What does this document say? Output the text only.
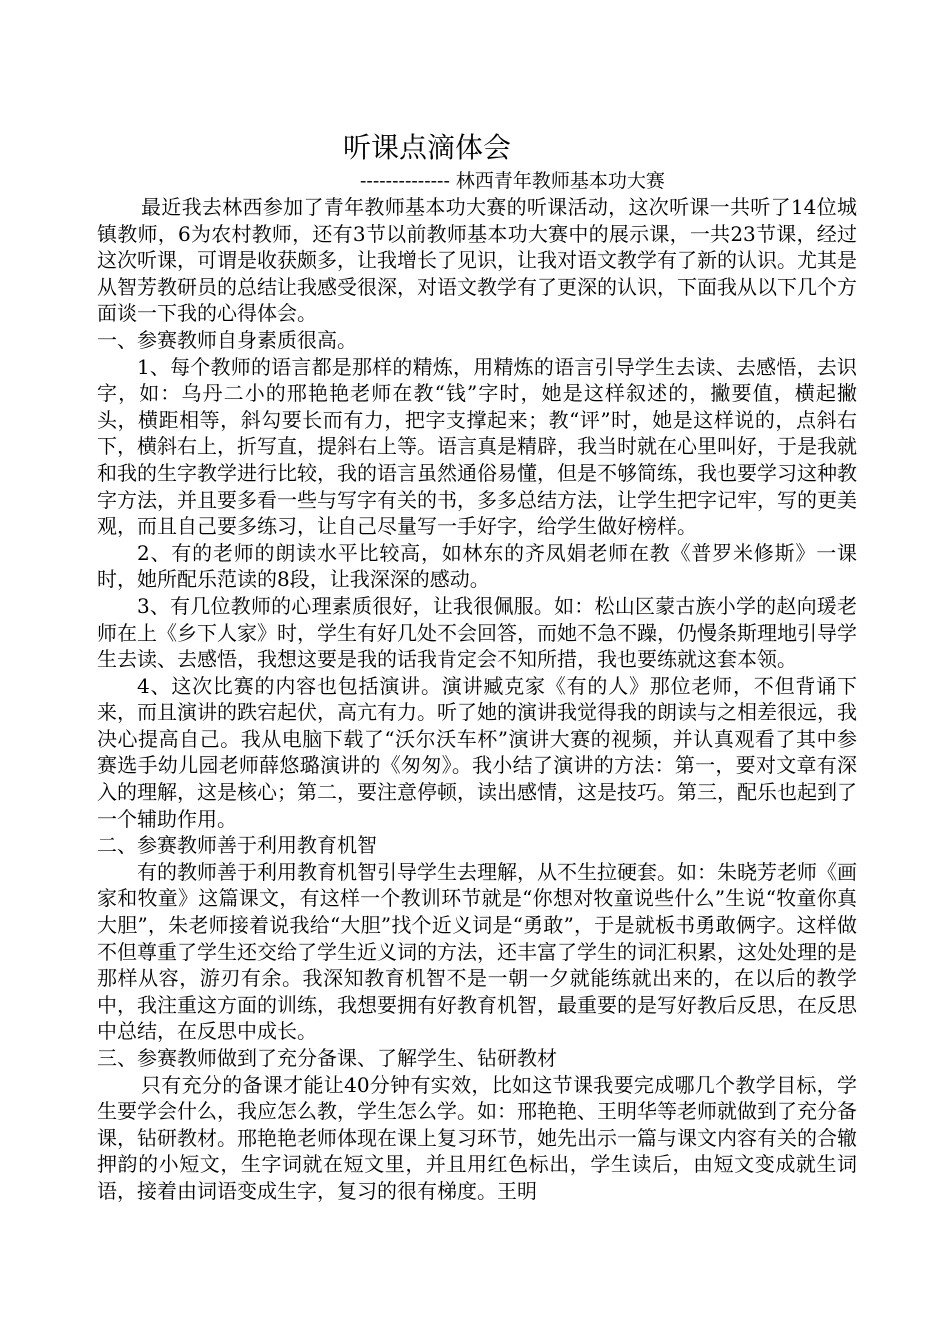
听课点滴体会
-------------- 林西青年教师基本功大赛

最近我去林西参加了青年教师基本功大赛的听课活动，这次听课一共听了14位城镇教师，6为农村教师，还有3节以前教师基本功大赛中的展示课，一共23节课，经过这次听课，可谓是收获颇多，让我增长了见识，让我对语文教学有了新的认识。尤其是从智芳教研员的总结让我感受很深，对语文教学有了更深的认识，下面我从以下几个方面谈一下我的心得体会。

一、参赛教师自身素质很高。

1、每个教师的语言都是那样的精炼，用精炼的语言引导学生去读、去感悟，去识字，如：乌丹二小的邢艳艳老师在教“钱”字时，她是这样叙述的，撇要值，横起撇头，横距相等，斜勾要长而有力，把字支撑起来；教“评”时，她是这样说的，点斜右下，横斜右上，折写直，提斜右上等。语言真是精辟，我当时就在心里叫好，于是我就和我的生字教学进行比较，我的语言虽然通俗易懂，但是不够简练，我也要学习这种教字方法，并且要多看一些与写字有关的书，多多总结方法，让学生把字记牢，写的更美观，而且自己要多练习，让自己尽量写一手好字，给学生做好榜样。

2、有的老师的朗读水平比较高，如林东的齐凤娟老师在教《普罗米修斯》一课时，她所配乐范读的8段，让我深深的感动。

3、有几位教师的心理素质很好，让我很佩服。如：松山区蒙古族小学的赵向瑗老师在上《乡下人家》时，学生有好几处不会回答，而她不急不躁，仍慢条斯理地引导学生去读、去感悟，我想这要是我的话我肯定会不知所措，我也要练就这套本领。

4、这次比赛的内容也包括演讲。演讲臧克家《有的人》那位老师，不但背诵下来，而且演讲的跌宕起伏，高亢有力。听了她的演讲我觉得我的朗读与之相差很远，我决心提高自己。我从电脑下载了“沃尔沃车杯”演讲大赛的视频，并认真观看了其中参赛选手幼儿园老师薛悠璐演讲的《匆匆》。我小结了演讲的方法：第一，要对文章有深入的理解，这是核心；第二，要注意停顿，读出感情，这是技巧。第三，配乐也起到了一个辅助作用。

二、参赛教师善于利用教育机智

有的教师善于利用教育机智引导学生去理解，从不生拉硬套。如：朱晓芳老师《画家和牧童》这篇课文，有这样一个教训环节就是“你想对牧童说些什么”生说“牧童你真大胆”，朱老师接着说我给“大胆”找个近义词是“勇敢”，于是就板书勇敢俩字。这样做不但尊重了学生还交给了学生近义词的方法，还丰富了学生的词汇积累，这处处理的是那样从容，游刃有余。我深知教育机智不是一朝一夕就能练就出来的，在以后的教学中，我注重这方面的训练，我想要拥有好教育机智，最重要的是写好教后反思，在反思中总结，在反思中成长。

三、参赛教师做到了充分备课、了解学生、钻研教材

只有充分的备课才能让40分钟有实效，比如这节课我要完成哪几个教学目标，学生要学会什么，我应怎么教，学生怎么学。如：邢艳艳、王明华等老师就做到了充分备课，钻研教材。邢艳艳老师体现在课上复习环节，她先出示一篇与课文内容有关的合辙押韵的小短文，生字词就在短文里，并且用红色标出，学生读后，由短文变成就生词语，接着由词语变成生字，复习的很有梯度。王明
